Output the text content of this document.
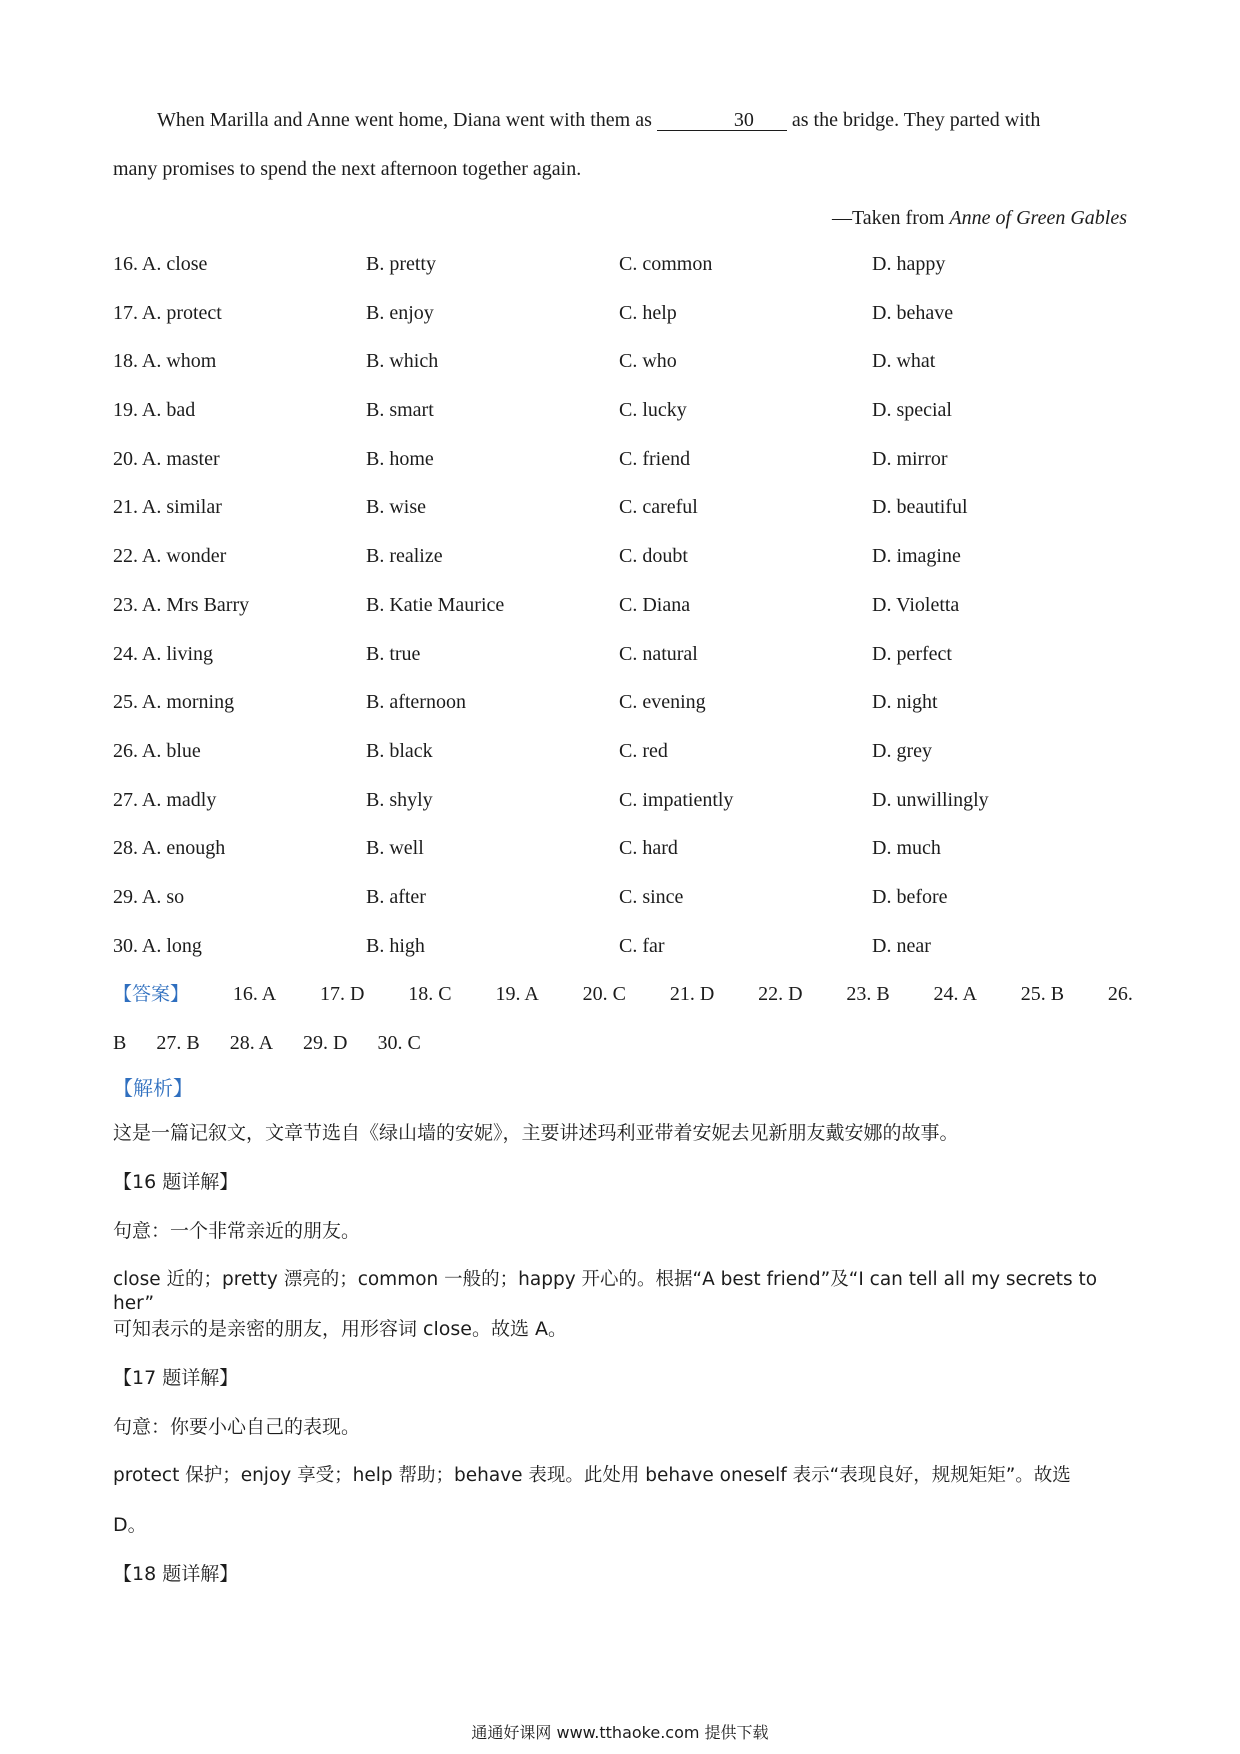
When Marilla and Anne went home, Diana went with them as	30 as the bridge. They parted with
many promises to spend the next afternoon together again.
—Taken from Anne of Green Gables
16. A. close	B. pretty	C. common	D. happy
17. A. protect	B. enjoy	C. help	D. behave
18. A. whom	B. which	C. who	D. what
19. A. bad	B. smart	C. lucky	D. special
20. A. master	B. home	C. friend	D. mirror
21. A. similar	B. wise	C. careful	D. beautiful
22. A. wonder	B. realize	C. doubt	D. imagine
23. A. Mrs Barry	B. Katie Maurice	C. Diana	D. Violetta
24. A. living	B. true	C. natural	D. perfect
25. A. morning	B. afternoon	C. evening	D. night
26. A. blue	B. black	C. red	D. grey
27. A. madly	B. shyly	C. impatiently	D. unwillingly
28. A. enough	B. well	C. hard	D. much
29. A. so	B. after	C. since	D. before
30. A. long	B. high	C. far	D. near
【答案】 16. A 17. D 18. C 19. A 20. C 21. D 22. D 23. B 24. A 25. B 26.
B 27. B 28. A 29. D 30. C
【解析】
这是一篇记叙文，文章节选自《绿山墙的安妮》，主要讲述玛利亚带着安妮去见新朋友戴安娜的故事。
【16 题详解】
句意：一个非常亲近的朋友。
close 近的；pretty 漂亮的；common 一般的；happy 开心的。根据“A best friend”及“I can tell all my secrets to her”
可知表示的是亲密的朋友，用形容词 close。故选 A。
【17 题详解】
句意：你要小心自己的表现。
protect 保护；enjoy 享受；help 帮助；behave 表现。此处用 behave oneself 表示“表现良好，规规矩矩”。故选
D。
【18 题详解】
通通好课网 www.tthaoke.com 提供下载
